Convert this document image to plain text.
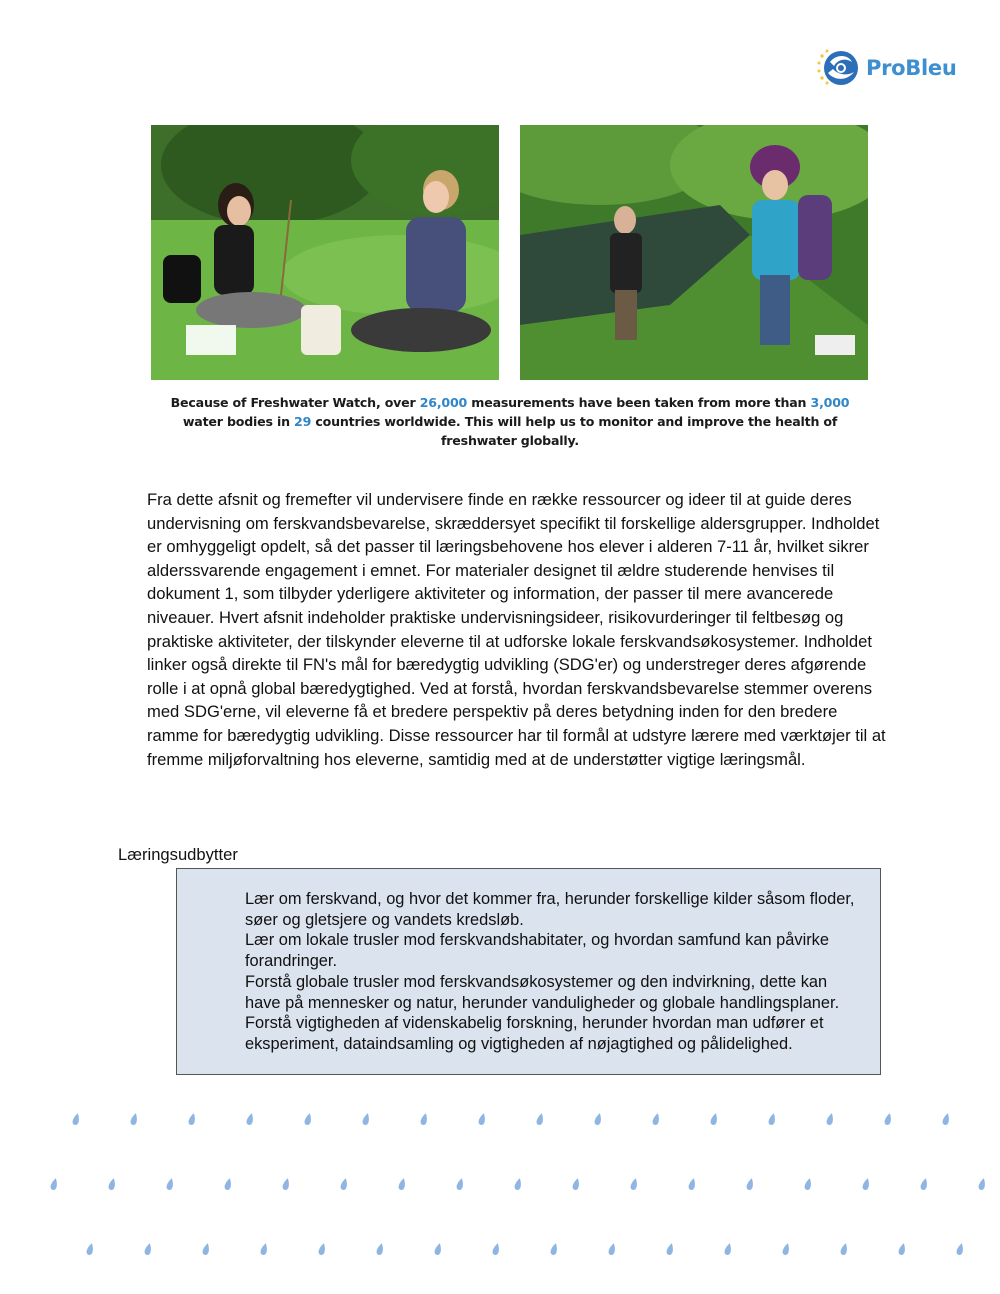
ProBleu
Because of Freshwater Watch, over 26,000 measurements have been taken from more than 3,000 water bodies in 29 countries worldwide. This will help us to monitor and improve the health of freshwater globally.
Fra dette afsnit og fremefter vil undervisere finde en række ressourcer og ideer til at guide deres undervisning om ferskvandsbevarelse, skræddersyet specifikt til forskellige aldersgrupper. Indholdet er omhyggeligt opdelt, så det passer til læringsbehovene hos elever i alderen 7-11 år, hvilket sikrer alderssvarende engagement i emnet. For materialer designet til ældre studerende henvises til dokument 1, som tilbyder yderligere aktiviteter og information, der passer til mere avancerede niveauer. Hvert afsnit indeholder praktiske undervisningsideer, risikovurderinger til feltbesøg og praktiske aktiviteter, der tilskynder eleverne til at udforske lokale ferskvandsøkosystemer. Indholdet linker også direkte til FN's mål for bæredygtig udvikling (SDG'er) og understreger deres afgørende rolle i at opnå global bæredygtighed. Ved at forstå, hvordan ferskvandsbevarelse stemmer overens med SDG'erne, vil eleverne få et bredere perspektiv på deres betydning inden for den bredere ramme for bæredygtig udvikling. Disse ressourcer har til formål at udstyre lærere med værktøjer til at fremme miljøforvaltning hos eleverne, samtidig med at de understøtter vigtige læringsmål.
Læringsudbytter
Lær om ferskvand, og hvor det kommer fra, herunder forskellige kilder såsom floder, søer og gletsjere og vandets kredsløb.
Lær om lokale trusler mod ferskvandshabitater, og hvordan samfund kan påvirke forandringer.
Forstå globale trusler mod ferskvandsøkosystemer og den indvirkning, dette kan have på mennesker og natur, herunder vanduligheder og globale handlingsplaner.
Forstå vigtigheden af videnskabelig forskning, herunder hvordan man udfører et eksperiment, dataindsamling og vigtigheden af nøjagtighed og pålidelighed.
